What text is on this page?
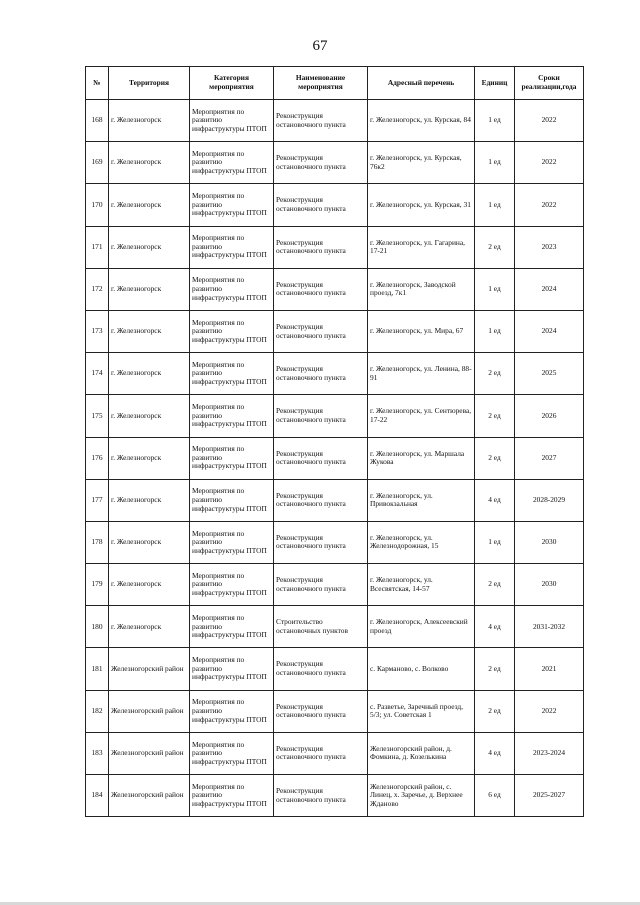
67
№	Территория	Категория мероприятия	Наименование мероприятия	Адресный перечень	Единиц	Сроки реализации,года
168	г. Железногорск	Мероприятия по развитию инфраструктуры ПТОП	Реконструкция остановочного пункта	г. Железногорск, ул. Курская, 84	1 ед	2022
169	г. Железногорск	Мероприятия по развитию инфраструктуры ПТОП	Реконструкция остановочного пункта	г. Железногорск, ул. Курская, 76к2	1 ед	2022
170	г. Железногорск	Мероприятия по развитию инфраструктуры ПТОП	Реконструкция остановочного пункта	г. Железногорск, ул. Курская, 31	1 ед	2022
171	г. Железногорск	Мероприятия по развитию инфраструктуры ПТОП	Реконструкция остановочного пункта	г. Железногорск, ул. Гагарина, 17-21	2 ед	2023
172	г. Железногорск	Мероприятия по развитию инфраструктуры ПТОП	Реконструкция остановочного пункта	г. Железногорск, Заводской проезд, 7к1	1 ед	2024
173	г. Железногорск	Мероприятия по развитию инфраструктуры ПТОП	Реконструкция остановочного пункта	г. Железногорск, ул. Мира, 67	1 ед	2024
174	г. Железногорск	Мероприятия по развитию инфраструктуры ПТОП	Реконструкция остановочного пункта	г. Железногорск, ул. Ленина, 88-91	2 ед	2025
175	г. Железногорск	Мероприятия по развитию инфраструктуры ПТОП	Реконструкция остановочного пункта	г. Железногорск, ул. Сентюрева, 17-22	2 ед	2026
176	г. Железногорск	Мероприятия по развитию инфраструктуры ПТОП	Реконструкция остановочного пункта	г. Железногорск, ул. Маршала Жукова	2 ед	2027
177	г. Железногорск	Мероприятия по развитию инфраструктуры ПТОП	Реконструкция остановочного пункта	г. Железногорск, ул. Привокзальная	4 ед	2028-2029
178	г. Железногорск	Мероприятия по развитию инфраструктуры ПТОП	Реконструкция остановочного пункта	г. Железногорск, ул. Железнодорожная, 15	1 ед	2030
179	г. Железногорск	Мероприятия по развитию инфраструктуры ПТОП	Реконструкция остановочного пункта	г. Железногорск, ул. Всесвятская, 14-57	2 ед	2030
180	г. Железногорск	Мероприятия по развитию инфраструктуры ПТОП	Строительство остановочных пунктов	г. Железногорск, Алексеевский проезд	4 ед	2031-2032
181	Железногорский район	Мероприятия по развитию инфраструктуры ПТОП	Реконструкция остановочного пункта	с. Карманово, с. Волково	2 ед	2021
182	Железногорский район	Мероприятия по развитию инфраструктуры ПТОП	Реконструкция остановочного пункта	с. Разветье, Заречный проезд, 5/3; ул. Советская 1	2 ед	2022
183	Железногорский район	Мероприятия по развитию инфраструктуры ПТОП	Реконструкция остановочного пункта	Железногорский район, д. Фомкина, д. Козелькина	4 ед	2023-2024
184	Железногорский район	Мероприятия по развитию инфраструктуры ПТОП	Реконструкция остановочного пункта	Железногорский район, с. Линец, х. Заречье, д. Верхнее Жданово	6 ед	2025-2027
